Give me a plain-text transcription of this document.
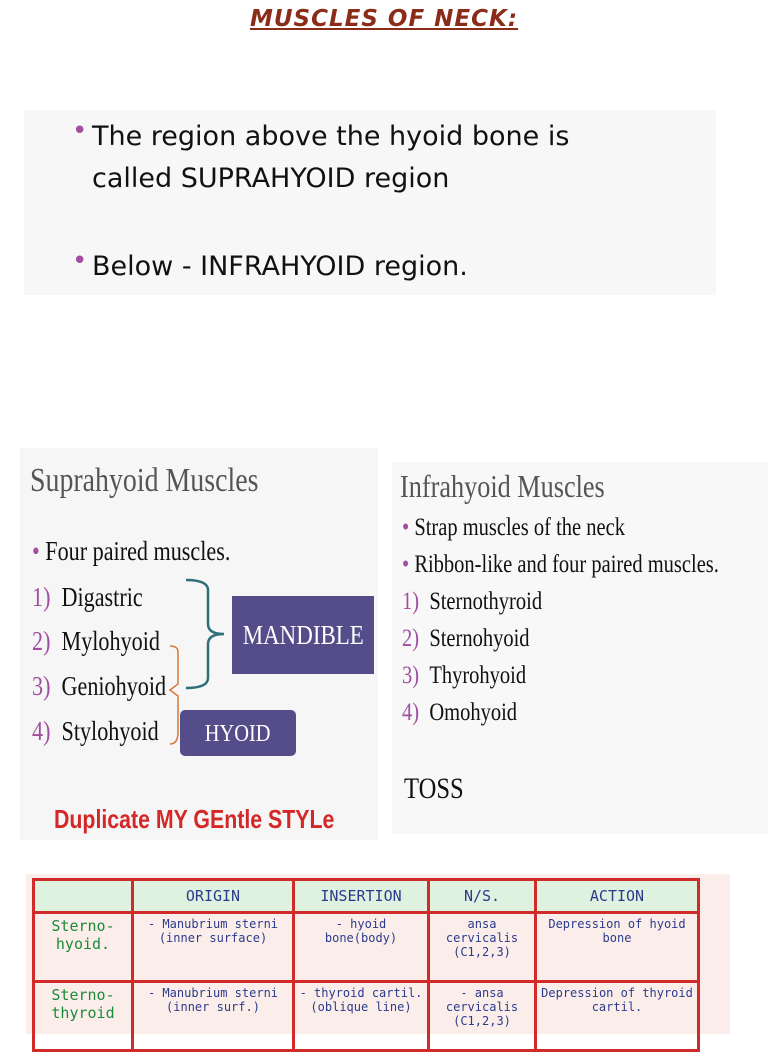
MUSCLES OF NECK:
• The region above the hyoid bone is
called SUPRAHYOID region
• Below - INFRAHYOID region.
Suprahyoid Muscles
• Four paired muscles.
1) Digastric
2) Mylohyoid
3) Geniohyoid
4) Stylohyoid
MANDIBLE
HYOID
Duplicate MY GEntle STYLe
Infrahyoid Muscles
• Strap muscles of the neck
• Ribbon-like and four paired muscles.
1) Sternothyroid
2) Sternohyoid
3) Thyrohyoid
4) Omohyoid
TOSS
	ORIGIN	INSERTION	N/S.	ACTION
Sterno-hyoid.	- Manubrium sterni (inner surface)	- hyoid bone(body)	ansa cervicalis (C1,2,3)	Depression of hyoid bone
Sterno-thyroid	- Manubrium sterni (inner surf.)	- thyroid cartil. (oblique line)	- ansa cervicalis (C1,2,3)	Depression of thyroid cartil.
